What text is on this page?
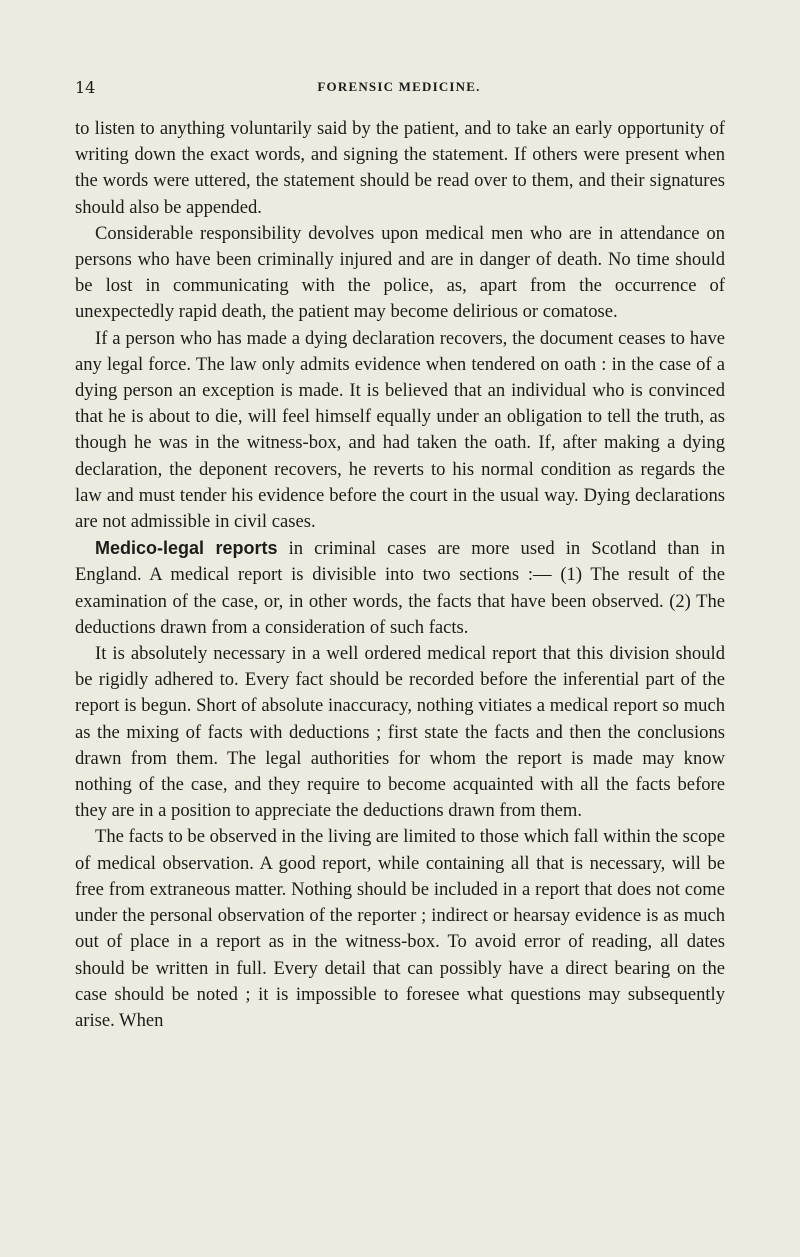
14	FORENSIC MEDICINE.

to listen to anything voluntarily said by the patient, and to take an early opportunity of writing down the exact words, and signing the statement. If others were present when the words were uttered, the statement should be read over to them, and their signatures should also be appended.

Considerable responsibility devolves upon medical men who are in attendance on persons who have been criminally injured and are in danger of death. No time should be lost in communicating with the police, as, apart from the occurrence of unexpectedly rapid death, the patient may become delirious or comatose.

If a person who has made a dying declaration recovers, the document ceases to have any legal force. The law only admits evidence when tendered on oath : in the case of a dying person an exception is made. It is believed that an individual who is convinced that he is about to die, will feel himself equally under an obligation to tell the truth, as though he was in the witness-box, and had taken the oath. If, after making a dying declaration, the deponent recovers, he reverts to his normal condition as regards the law and must tender his evidence before the court in the usual way. Dying declarations are not admissible in civil cases.

Medico-legal reports in criminal cases are more used in Scotland than in England. A medical report is divisible into two sections :— (1) The result of the examination of the case, or, in other words, the facts that have been observed. (2) The deductions drawn from a consideration of such facts.

It is absolutely necessary in a well ordered medical report that this division should be rigidly adhered to. Every fact should be recorded before the inferential part of the report is begun. Short of absolute inaccuracy, nothing vitiates a medical report so much as the mixing of facts with deductions ; first state the facts and then the conclusions drawn from them. The legal authorities for whom the report is made may know nothing of the case, and they require to become acquainted with all the facts before they are in a position to appreciate the deductions drawn from them.

The facts to be observed in the living are limited to those which fall within the scope of medical observation. A good report, while containing all that is necessary, will be free from extraneous matter. Nothing should be included in a report that does not come under the personal observation of the reporter ; indirect or hearsay evidence is as much out of place in a report as in the witness-box. To avoid error of reading, all dates should be written in full. Every detail that can possibly have a direct bearing on the case should be noted ; it is impossible to foresee what questions may subsequently arise. When
